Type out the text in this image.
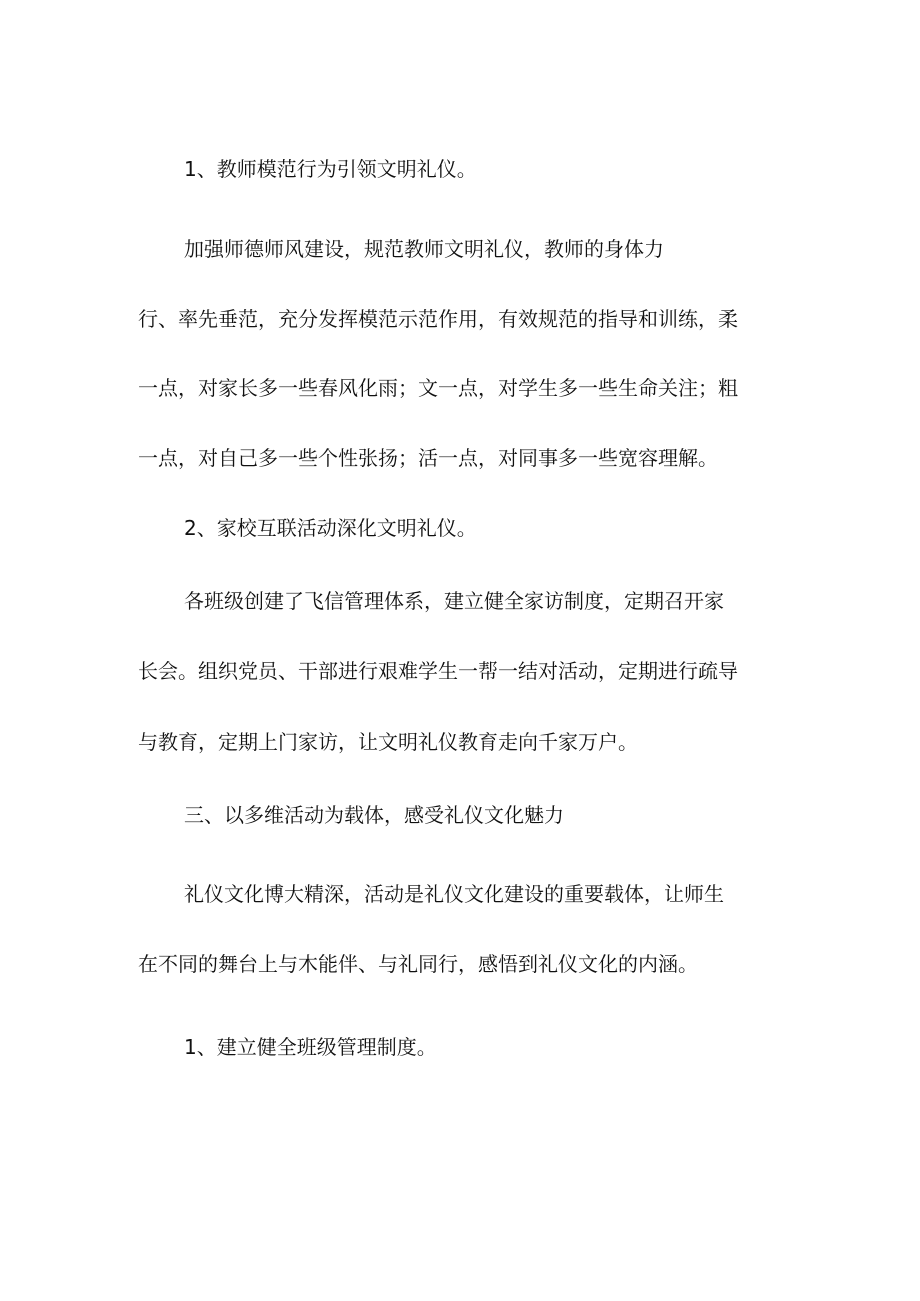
1、教师模范行为引领文明礼仪。
加强师德师风建设，规范教师文明礼仪，教师的身体力
行、率先垂范，充分发挥模范示范作用，有效规范的指导和训练，柔
一点，对家长多一些春风化雨；文一点，对学生多一些生命关注；粗
一点，对自己多一些个性张扬；活一点，对同事多一些宽容理解。
2、家校互联活动深化文明礼仪。
各班级创建了飞信管理体系，建立健全家访制度，定期召开家
长会。组织党员、干部进行艰难学生一帮一结对活动，定期进行疏导
与教育，定期上门家访，让文明礼仪教育走向千家万户。
三、以多维活动为载体，感受礼仪文化魅力
礼仪文化博大精深，活动是礼仪文化建设的重要载体，让师生
在不同的舞台上与木能伴、与礼同行，感悟到礼仪文化的内涵。
1、建立健全班级管理制度。
